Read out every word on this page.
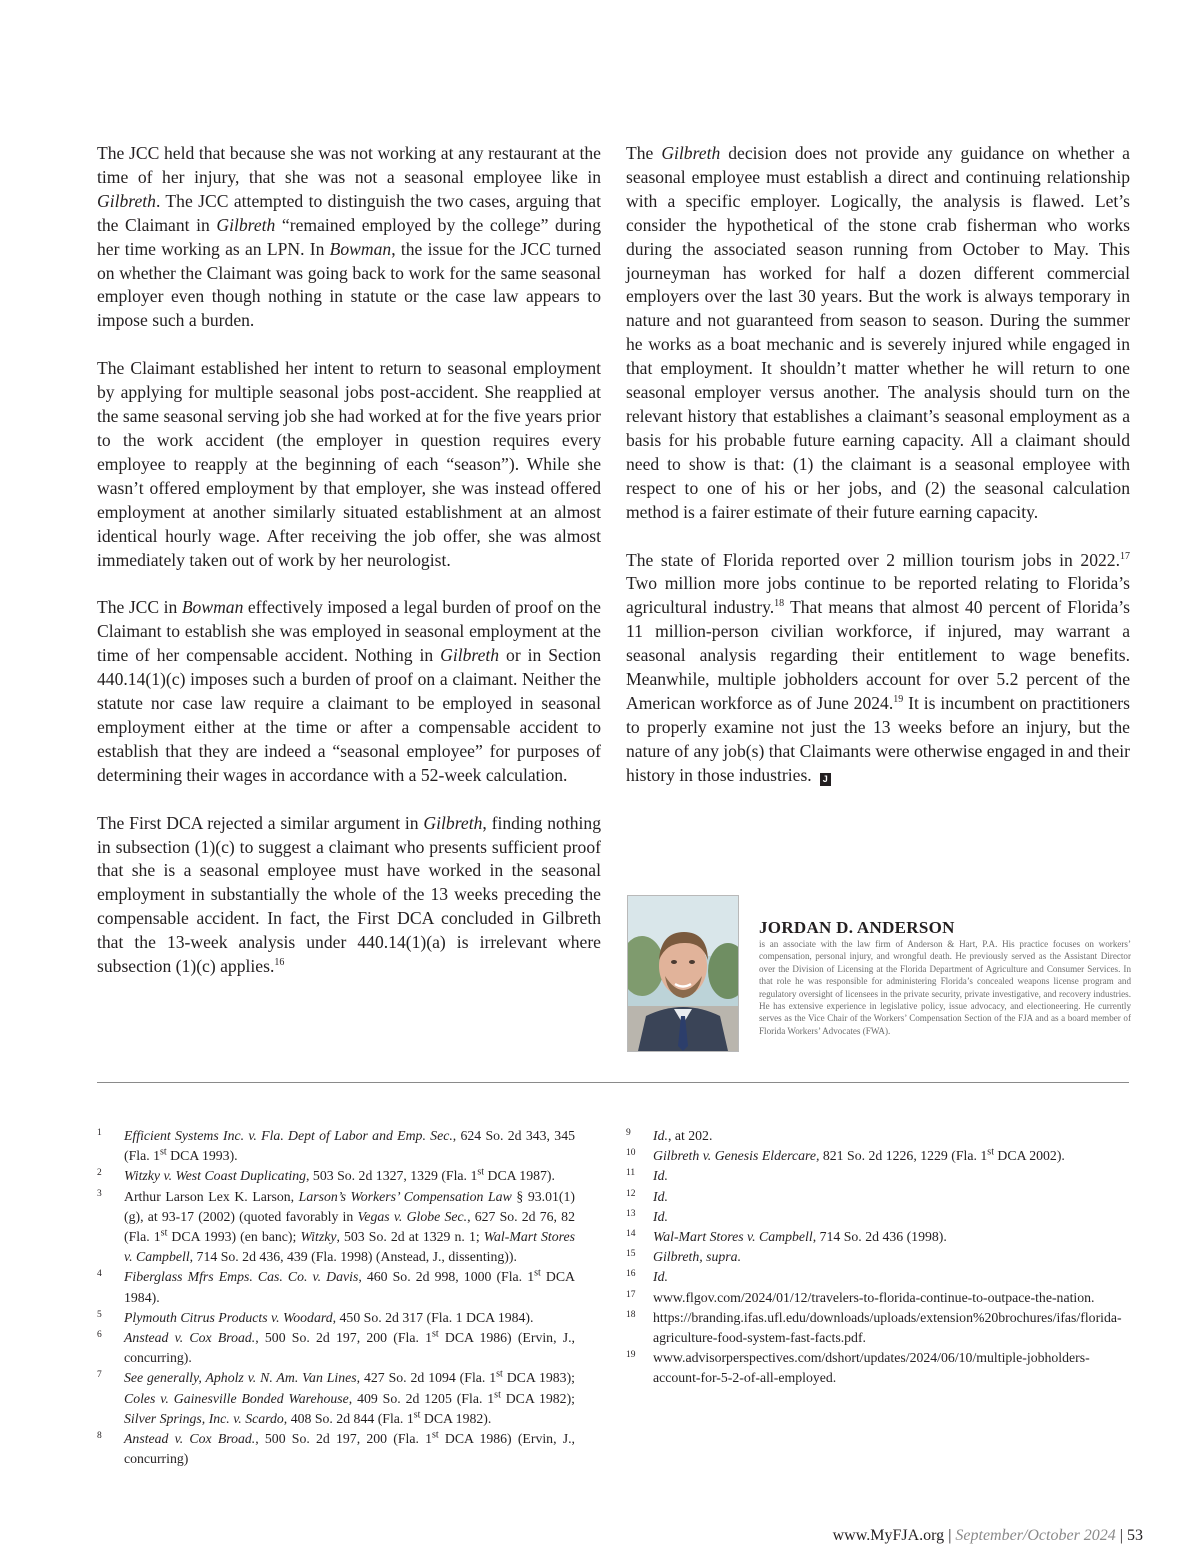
The JCC held that because she was not working at any restaurant at the time of her injury, that she was not a seasonal employee like in Gilbreth. The JCC attempted to distinguish the two cases, arguing that the Claimant in Gilbreth “remained employed by the college” during her time working as an LPN. In Bowman, the issue for the JCC turned on whether the Claimant was going back to work for the same seasonal employer even though nothing in statute or the case law appears to impose such a burden.

The Claimant established her intent to return to seasonal employment by applying for multiple seasonal jobs post-accident. She reapplied at the same seasonal serving job she had worked at for the five years prior to the work accident (the employer in question requires every employee to reapply at the beginning of each “season”). While she wasn’t offered employment by that employer, she was instead offered employment at another similarly situated establishment at an almost identical hourly wage. After receiving the job offer, she was almost immediately taken out of work by her neurologist.

The JCC in Bowman effectively imposed a legal burden of proof on the Claimant to establish she was employed in seasonal employment at the time of her compensable accident. Nothing in Gilbreth or in Section 440.14(1)(c) imposes such a burden of proof on a claimant. Neither the statute nor case law require a claimant to be employed in seasonal employment either at the time or after a compensable accident to establish that they are indeed a “seasonal employee” for purposes of determining their wages in accordance with a 52-week calculation.

The First DCA rejected a similar argument in Gilbreth, finding nothing in subsection (1)(c) to suggest a claimant who presents sufficient proof that she is a seasonal employee must have worked in the seasonal employment in substantially the whole of the 13 weeks preceding the compensable accident. In fact, the First DCA concluded in Gilbreth that the 13-week analysis under 440.14(1)(a) is irrelevant where subsection (1)(c) applies.$^{16}$

The Gilbreth decision does not provide any guidance on whether a seasonal employee must establish a direct and continuing relationship with a specific employer. Logically, the analysis is flawed. Let’s consider the hypothetical of the stone crab fisherman who works during the associated season running from October to May. This journeyman has worked for half a dozen different commercial employers over the last 30 years. But the work is always temporary in nature and not guaranteed from season to season. During the summer he works as a boat mechanic and is severely injured while engaged in that employment. It shouldn’t matter whether he will return to one seasonal employer versus another. The analysis should turn on the relevant history that establishes a claimant’s seasonal employment as a basis for his probable future earning capacity. All a claimant should need to show is that: (1) the claimant is a seasonal employee with respect to one of his or her jobs, and (2) the seasonal calculation method is a fairer estimate of their future earning capacity.

The state of Florida reported over 2 million tourism jobs in 2022.17 Two million more jobs continue to be reported relating to Florida’s agricultural industry.$^{18}$ That means that almost 40 percent of Florida’s 11 million-person civilian workforce, if injured, may warrant a seasonal analysis regarding their entitlement to wage benefits. Meanwhile, multiple jobholders account for over 5.2 percent of the American workforce as of June 2024.19 It is incumbent on practitioners to properly examine not just the 13 weeks before an injury, but the nature of any job(s) that Claimants were otherwise engaged in and their history in those industries. J

JORDAN D. ANDERSON
is an associate with the law firm of Anderson & Hart, P.A. His practice focuses on workers’ compensation, personal injury, and wrongful death. He previously served as the Assistant Director over the Division of Licensing at the Florida Department of Agriculture and Consumer Services. In that role he was responsible for administering Florida’s concealed weapons license program and regulatory oversight of licensees in the private security, private investigative, and recovery industries. He has extensive experience in legislative policy, issue advocacy, and electioneering. He currently serves as the Vice Chair of the Workers’ Compensation Section of the FJA and as a board member of Florida Workers’ Advocates (FWA).
1 Efficient Systems Inc. v. Fla. Dept of Labor and Emp. Sec., 624 So. 2d 343, 345 (Fla. 1st DCA 1993).
2 Witzky v. West Coast Duplicating, 503 So. 2d 1327, 1329 (Fla. 1st DCA 1987).
3 Arthur Larson Lex K. Larson, Larson’s Workers’ Compensation Law § 93.01(1)(g), at 93-17 (2002) (quoted favorably in Vegas v. Globe Sec., 627 So. 2d 76, 82 (Fla. 1st DCA 1993) (en banc); Witzky, 503 So. 2d at 1329 n. 1; Wal-Mart Stores v. Campbell, 714 So. 2d 436, 439 (Fla. 1998) (Anstead, J., dissenting)).
4 Fiberglass Mfrs Emps. Cas. Co. v. Davis, 460 So. 2d 998, 1000 (Fla. 1st DCA 1984).
5 Plymouth Citrus Products v. Woodard, 450 So. 2d 317 (Fla. 1 DCA 1984).
6 Anstead v. Cox Broad., 500 So. 2d 197, 200 (Fla. 1st DCA 1986) (Ervin, J., concurring).
7 See generally, Apholz v. N. Am. Van Lines, 427 So. 2d 1094 (Fla. 1st DCA 1983); Coles v. Gainesville Bonded Warehouse, 409 So. 2d 1205 (Fla. 1st DCA 1982); Silver Springs, Inc. v. Scardo, 408 So. 2d 844 (Fla. 1st DCA 1982).
8 Anstead v. Cox Broad., 500 So. 2d 197, 200 (Fla. 1st DCA 1986) (Ervin, J., concurring)
9 Id., at 202.
10 Gilbreth v. Genesis Eldercare, 821 So. 2d 1226, 1229 (Fla. 1st DCA 2002).
11 Id.
12 Id.
13 Id.
14 Wal-Mart Stores v. Campbell, 714 So. 2d 436 (1998).
15 Gilbreth, supra.
16 Id.
17 www.flgov.com/2024/01/12/travelers-to-florida-continue-to-outpace-the-nation.
18 https://branding.ifas.ufl.edu/downloads/uploads/extension%20brochures/ifas/florida-agriculture-food-system-fast-facts.pdf.
19 www.advisorperspectives.com/dshort/updates/2024/06/10/multiple-jobholders-account-for-5-2-of-all-employed.
www.MyFJA.org | September/October 2024 | 53
